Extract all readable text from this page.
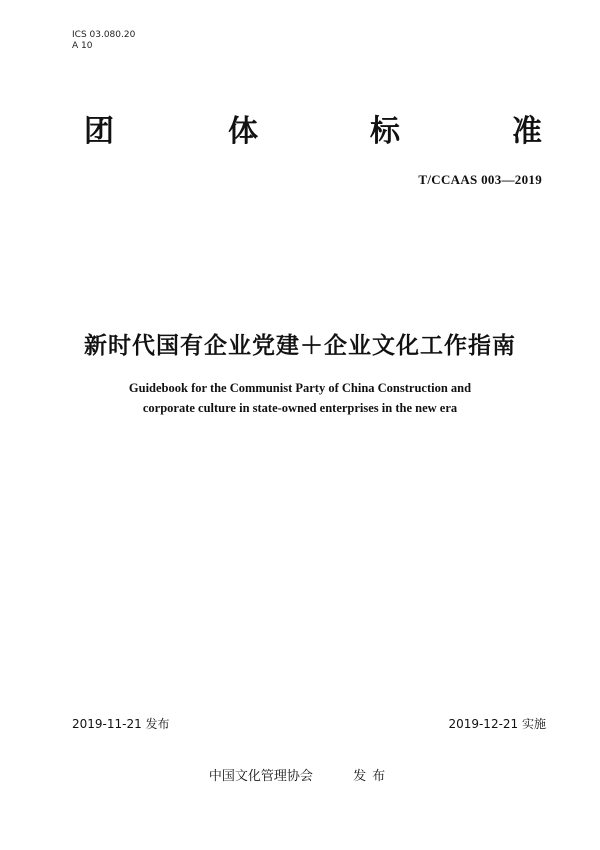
ICS 03.080.20
A 10
团	体	标	准
T/CCAAS 003—2019
新时代国有企业党建＋企业文化工作指南
Guidebook for the Communist Party of China Construction and
corporate culture in state-owned enterprises in the new era
2019-11-21 发布	2019-12-21 实施
中国文化管理协会	发布
